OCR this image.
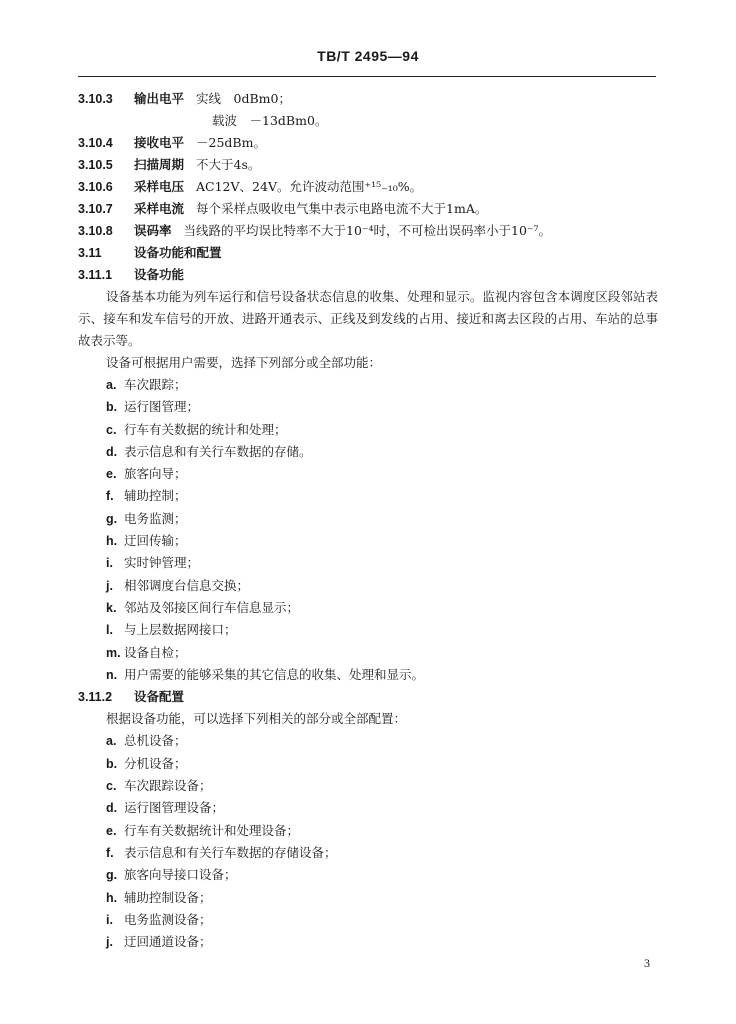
TB/T 2495—94
3.10.3	输出电平 实线　0dBm0；
载波　－13dBm0。
3.10.4	接收电平 －25dBm。
3.10.5	扫描周期 不大于4s。
3.10.6	采样电压 AC12V、24V。允许波动范围⁺¹⁵₋₁₀%。
3.10.7	采样电流 每个采样点吸收电气集中表示电路电流不大于1mA。
3.10.8	误码率 当线路的平均误比特率不大于10⁻⁴时，不可检出误码率小于10⁻⁷。
3.11	设备功能和配置
3.11.1	设备功能

设备基本功能为列车运行和信号设备状态信息的收集、处理和显示。监视内容包含本调度区段邻站表示、接车和发车信号的开放、进路开通表示、正线及到发线的占用、接近和离去区段的占用、车站的总事故表示等。

设备可根据用户需要，选择下列部分或全部功能：

a. 车次跟踪；
b. 运行图管理；
c. 行车有关数据的统计和处理；
d. 表示信息和有关行车数据的存储。
e. 旅客向导；
f. 辅助控制；
g. 电务监测；
h. 迂回传输；
i. 实时钟管理；
j. 相邻调度台信息交换；
k. 邻站及邻接区间行车信息显示；
l. 与上层数据网接口；
m. 设备自检；
n. 用户需要的能够采集的其它信息的收集、处理和显示。
3.11.2	设备配置
根据设备功能，可以选择下列相关的部分或全部配置：
a. 总机设备；
b. 分机设备；
c. 车次跟踪设备；
d. 运行图管理设备；
e. 行车有关数据统计和处理设备；
f. 表示信息和有关行车数据的存储设备；
g. 旅客向导接口设备；
h. 辅助控制设备；
i. 电务监测设备；
j. 迂回通道设备；
3
